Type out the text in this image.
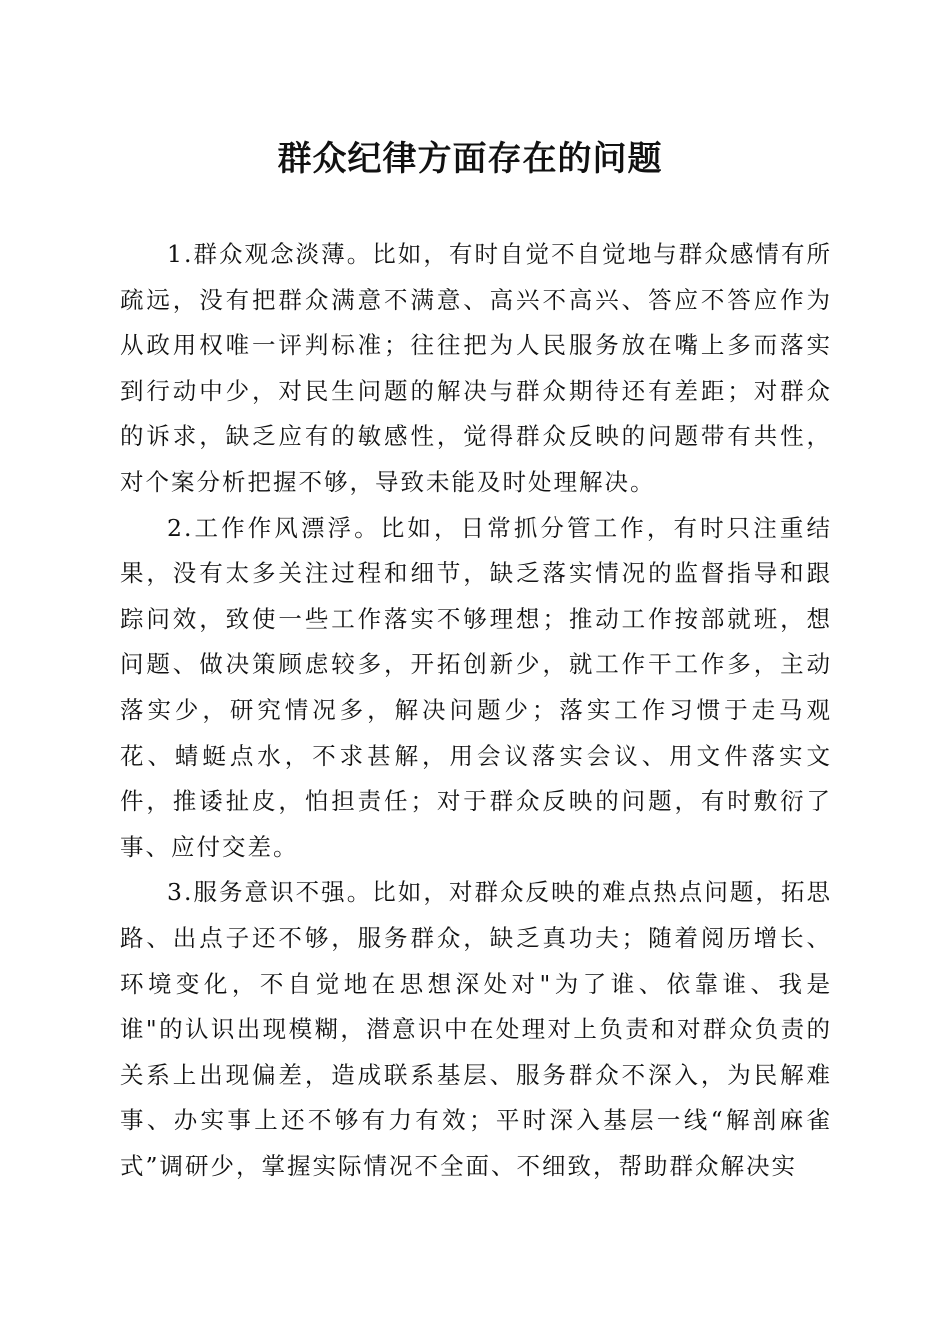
群众纪律方面存在的问题

1.群众观念淡薄。比如，有时自觉不自觉地与群众感情有所疏远，没有把群众满意不满意、高兴不高兴、答应不答应作为从政用权唯一评判标准；往往把为人民服务放在嘴上多而落实到行动中少，对民生问题的解决与群众期待还有差距；对群众的诉求，缺乏应有的敏感性，觉得群众反映的问题带有共性，对个案分析把握不够，导致未能及时处理解决。

2.工作作风漂浮。比如，日常抓分管工作，有时只注重结果，没有太多关注过程和细节，缺乏落实情况的监督指导和跟踪问效，致使一些工作落实不够理想；推动工作按部就班，想问题、做决策顾虑较多，开拓创新少，就工作干工作多，主动落实少，研究情况多，解决问题少；落实工作习惯于走马观花、蜻蜓点水，不求甚解，用会议落实会议、用文件落实文件，推诿扯皮，怕担责任；对于群众反映的问题，有时敷衍了事、应付交差。

3.服务意识不强。比如，对群众反映的难点热点问题，拓思路、出点子还不够，服务群众，缺乏真功夫；随着阅历增长、环境变化，不自觉地在思想深处对"为了谁、依靠谁、我是谁"的认识出现模糊，潜意识中在处理对上负责和对群众负责的关系上出现偏差，造成联系基层、服务群众不深入，为民解难事、办实事上还不够有力有效；平时深入基层一线“解剖麻雀式”调研少，掌握实际情况不全面、不细致，帮助群众解决实
